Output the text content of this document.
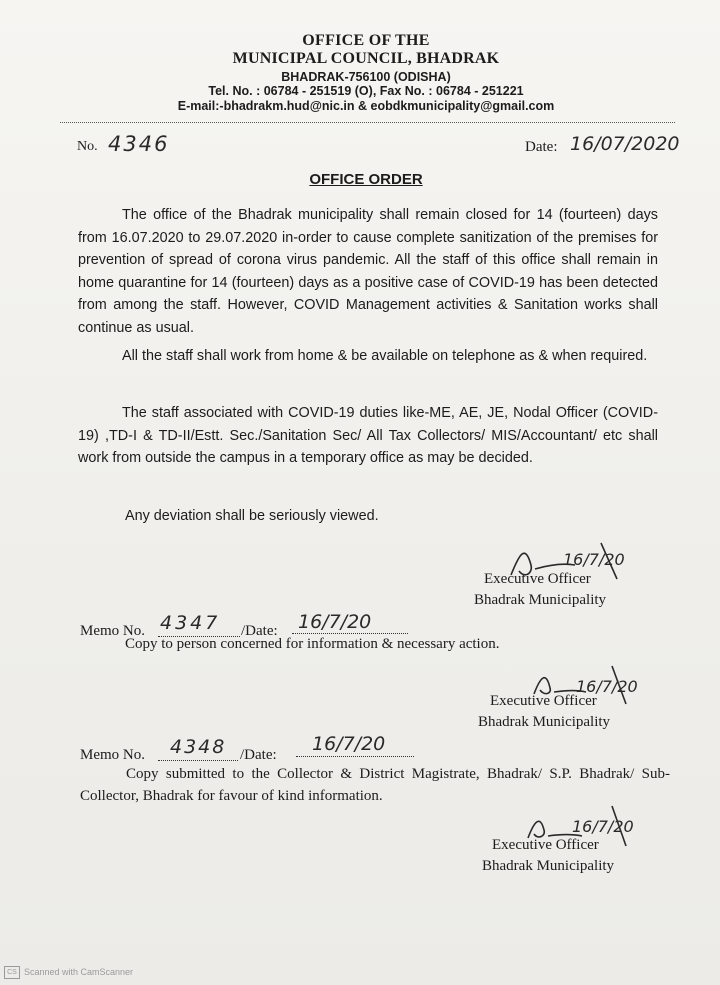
OFFICE OF THE
MUNICIPAL COUNCIL, BHADRAK
BHADRAK-756100 (ODISHA)
Tel. No. : 06784 - 251519 (O), Fax No. : 06784 - 251221
E-mail:-bhadrakm.hud@nic.in & eobdkmunicipality@gmail.com
No. 4346	Date: 16/07/2020
OFFICE ORDER
The office of the Bhadrak municipality shall remain closed for 14 (fourteen) days from 16.07.2020 to 29.07.2020 in-order to cause complete sanitization of the premises for prevention of spread of corona virus pandemic. All the staff of this office shall remain in home quarantine for 14 (fourteen) days as a positive case of COVID-19 has been detected from among the staff. However, COVID Management activities & Sanitation works shall continue as usual.
All the staff shall work from home & be available on telephone as & when required.
The staff associated with COVID-19 duties like-ME, AE, JE, Nodal Officer (COVID-19) ,TD-I & TD-II/Estt. Sec./Sanitation Sec/ All Tax Collectors/ MIS/Accountant/ etc shall work from outside the campus in a temporary office as may be decided.
Any deviation shall be seriously viewed.
16/7/20
Executive Officer
Bhadrak Municipality
Memo No. 4347 /Date: 16/7/20
Copy to person concerned for information & necessary action.
16/7/20
Executive Officer
Bhadrak Municipality
Memo No. 4348 /Date: 16/7/20
Copy submitted to the Collector & District Magistrate, Bhadrak/ S.P. Bhadrak/ Sub-Collector, Bhadrak for favour of kind information.
16/7/20
Executive Officer
Bhadrak Municipality
CS Scanned with CamScanner
